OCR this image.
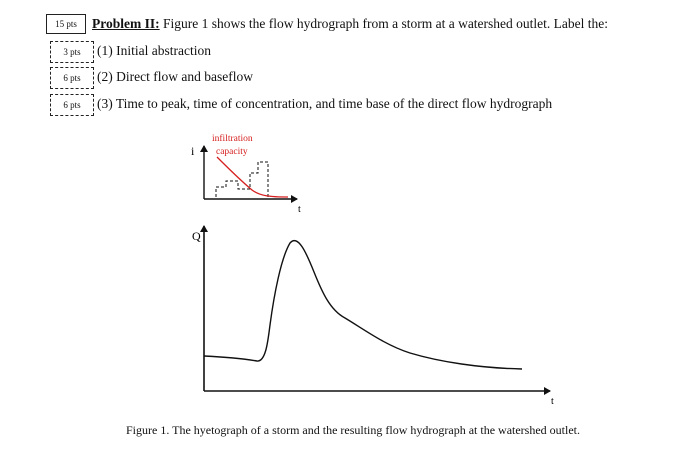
15 pts
3 pts
6 pts
6 pts
Problem II: Figure 1 shows the flow hydrograph from a storm at a watershed outlet. Label the:
(1) Initial abstraction
(2) Direct flow and baseflow
(3) Time to peak, time of concentration, and time base of the direct flow hydrograph
i
t
infiltration
capacity
Q
t
Figure 1. The hyetograph of a storm and the resulting flow hydrograph at the watershed outlet.
